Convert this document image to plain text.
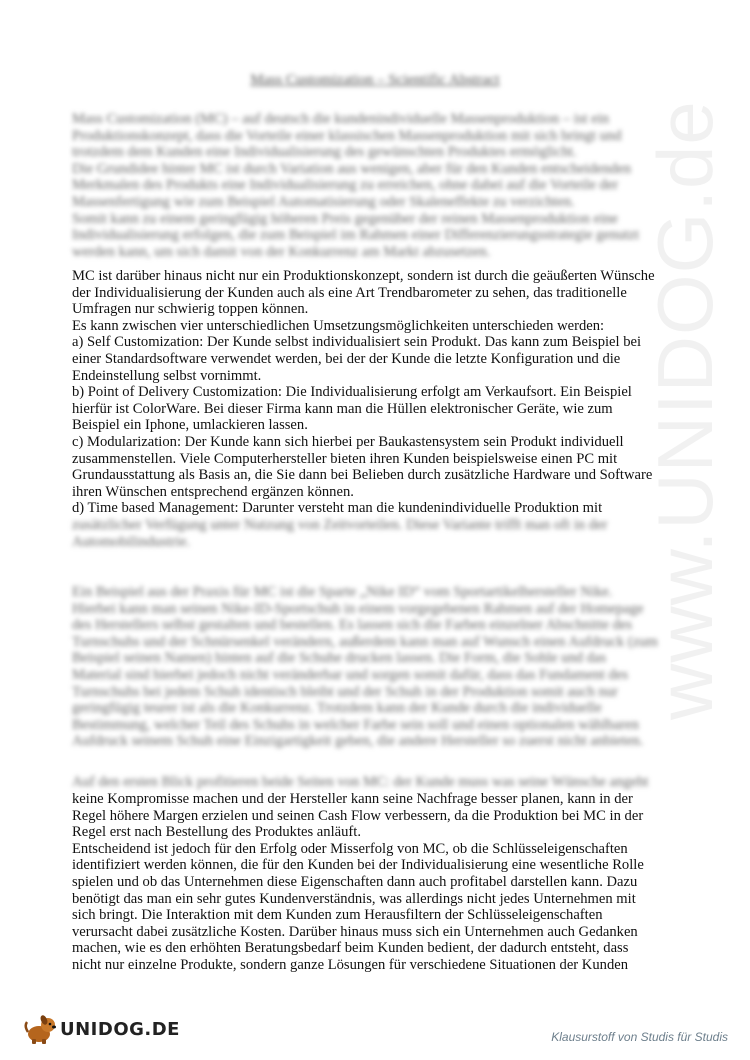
www.UNIDOG.de
Mass Customization – Scientific Abstract
Mass Customization (MC) – auf deutsch die kundenindividuelle Massenproduktion – ist ein
Produktionskonzept, dass die Vorteile einer klassischen Massenproduktion mit sich bringt und
trotzdem dem Kunden eine Individualisierung des gewünschten Produktes ermöglicht.
Die Grundidee hinter MC ist durch Variation aus wenigen, aber für den Kunden entscheidenden
Merkmalen des Produkts eine Individualisierung zu erreichen, ohne dabei auf die Vorteile der
Massenfertigung wie zum Beispiel Automatisierung oder Skaleneffekte zu verzichten.
Somit kann zu einem geringfügig höheren Preis gegenüber der reinen Massenproduktion eine
Individualisierung erfolgen, die zum Beispiel im Rahmen einer Differenzierungsstrategie genutzt
werden kann, um sich damit von der Konkurrenz am Markt abzusetzen.
MC ist darüber hinaus nicht nur ein Produktionskonzept, sondern ist durch die geäußerten Wünsche
der Individualisierung der Kunden auch als eine Art Trendbarometer zu sehen, das traditionelle
Umfragen nur schwierig toppen können.
Es kann zwischen vier unterschiedlichen Umsetzungsmöglichkeiten unterschieden werden:
a) Self Customization: Der Kunde selbst individualisiert sein Produkt. Das kann zum Beispiel bei
einer Standardsoftware verwendet werden, bei der der Kunde die letzte Konfiguration und die
Endeinstellung selbst vornimmt.
b) Point of Delivery Customization: Die Individualisierung erfolgt am Verkaufsort. Ein Beispiel
hierfür ist ColorWare. Bei dieser Firma kann man die Hüllen elektronischer Geräte, wie zum
Beispiel ein Iphone, umlackieren lassen.
c) Modularization: Der Kunde kann sich hierbei per Baukastensystem sein Produkt individuell
zusammenstellen. Viele Computerhersteller bieten ihren Kunden beispielsweise einen PC mit
Grundausstattung als Basis an, die Sie dann bei Belieben durch zusätzliche Hardware und Software
ihren Wünschen entsprechend ergänzen können.
d) Time based Management: Darunter versteht man die kundenindividuelle Produktion mit
zusätzlicher Verfügung unter Nutzung von Zeitvorteilen. Diese Variante trifft man oft in der
Automobilindustrie.
Ein Beispiel aus der Praxis für MC ist die Sparte „Nike ID“ vom Sportartikelhersteller Nike.
Hierbei kann man seinen Nike-ID-Sportschuh in einem vorgegebenen Rahmen auf der Homepage
des Herstellers selbst gestalten und bestellen. Es lassen sich die Farben einzelner Abschnitte des
Turnschuhs und der Schnürsenkel verändern, außerdem kann man auf Wunsch einen Aufdruck (zum
Beispiel seinen Namen) hinten auf die Schuhe drucken lassen. Die Form, die Sohle und das
Material sind hierbei jedoch nicht veränderbar und sorgen somit dafür, dass das Fundament des
Turnschuhs bei jedem Schuh identisch bleibt und der Schuh in der Produktion somit auch nur
geringfügig teurer ist als die Konkurrenz. Trotzdem kann der Kunde durch die individuelle
Bestimmung, welcher Teil des Schuhs in welcher Farbe sein soll und einen optionalen wählbaren
Aufdruck seinem Schuh eine Einzigartigkeit geben, die andere Hersteller so zuerst nicht anbieten.
Auf den ersten Blick profitieren beide Seiten von MC: der Kunde muss was seine Wünsche angeht
keine Kompromisse machen und der Hersteller kann seine Nachfrage besser planen, kann in der
Regel höhere Margen erzielen und seinen Cash Flow verbessern, da die Produktion bei MC in der
Regel erst nach Bestellung des Produktes anläuft.
Entscheidend ist jedoch für den Erfolg oder Misserfolg von MC, ob die Schlüsseleigenschaften
identifiziert werden können, die für den Kunden bei der Individualisierung eine wesentliche Rolle
spielen und ob das Unternehmen diese Eigenschaften dann auch profitabel darstellen kann. Dazu
benötigt das man ein sehr gutes Kundenverständnis, was allerdings nicht jedes Unternehmen mit
sich bringt. Die Interaktion mit dem Kunden zum Herausfiltern der Schlüsseleigenschaften
verursacht dabei zusätzliche Kosten. Darüber hinaus muss sich ein Unternehmen auch Gedanken
machen, wie es den erhöhten Beratungsbedarf beim Kunden bedient, der dadurch entsteht, dass
nicht nur einzelne Produkte, sondern ganze Lösungen für verschiedene Situationen der Kunden
UNIDOG.DE	Klausurstoff von Studis für Studis
